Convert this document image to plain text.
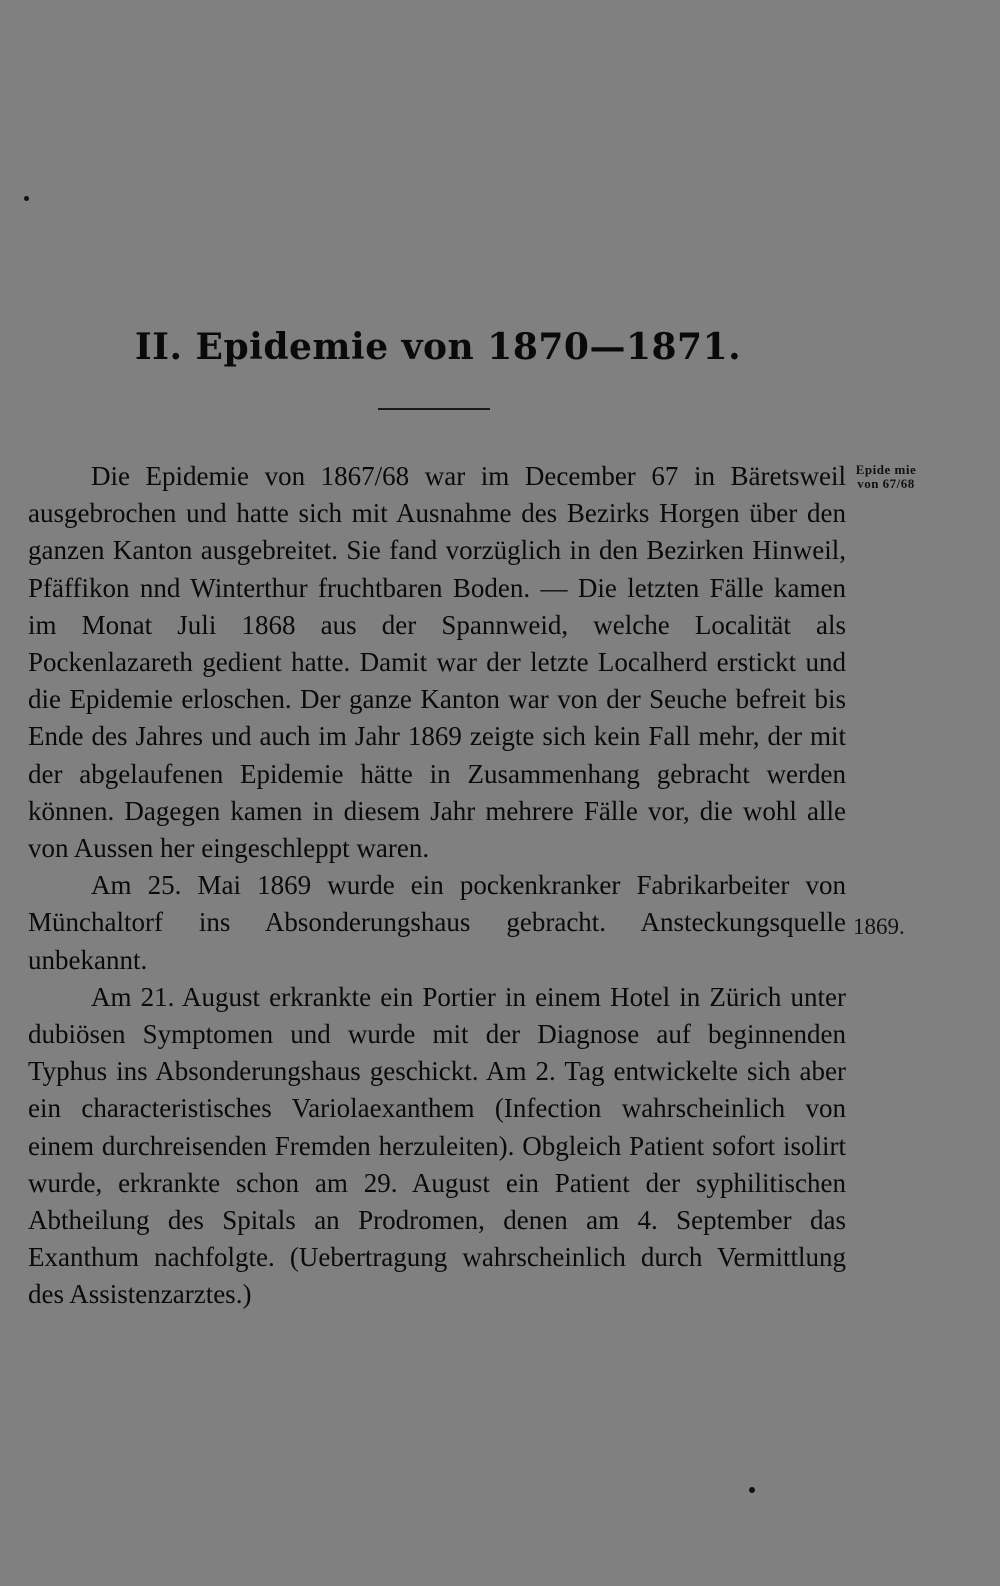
II. Epidemie von 1870—1871.
Epide mie
von 67/68
1869.

Die Epidemie von 1867/68 war im December 67 in Bäretsweil ausgebrochen und hatte sich mit Ausnahme des Bezirks Horgen über den ganzen Kanton ausgebreitet. Sie fand vorzüglich in den Bezirken Hinweil, Pfäffikon nnd Winterthur fruchtbaren Boden. — Die letzten Fälle kamen im Monat Juli 1868 aus der Spannweid, welche Localität als Pockenlazareth gedient hatte. Damit war der letzte Localherd erstickt und die Epidemie erloschen. Der ganze Kanton war von der Seuche befreit bis Ende des Jahres und auch im Jahr 1869 zeigte sich kein Fall mehr, der mit der abgelaufenen Epidemie hätte in Zusammenhang gebracht werden können. Dagegen kamen in diesem Jahr mehrere Fälle vor, die wohl alle von Aussen her eingeschleppt waren.

Am 25. Mai 1869 wurde ein pockenkranker Fabrikarbeiter von Münchaltorf ins Absonderungshaus gebracht. Ansteckungsquelle unbekannt.

Am 21. August erkrankte ein Portier in einem Hotel in Zürich unter dubiösen Symptomen und wurde mit der Diagnose auf beginnenden Typhus ins Absonderungshaus geschickt. Am 2. Tag entwickelte sich aber ein characteristisches Variolaexanthem (Infection wahrscheinlich von einem durchreisenden Fremden herzuleiten). Obgleich Patient sofort isolirt wurde, erkrankte schon am 29. August ein Patient der syphilitischen Abtheilung des Spitals an Prodromen, denen am 4. September das Exanthum nachfolgte. (Uebertragung wahrscheinlich durch Vermittlung des Assistenzarztes.)
